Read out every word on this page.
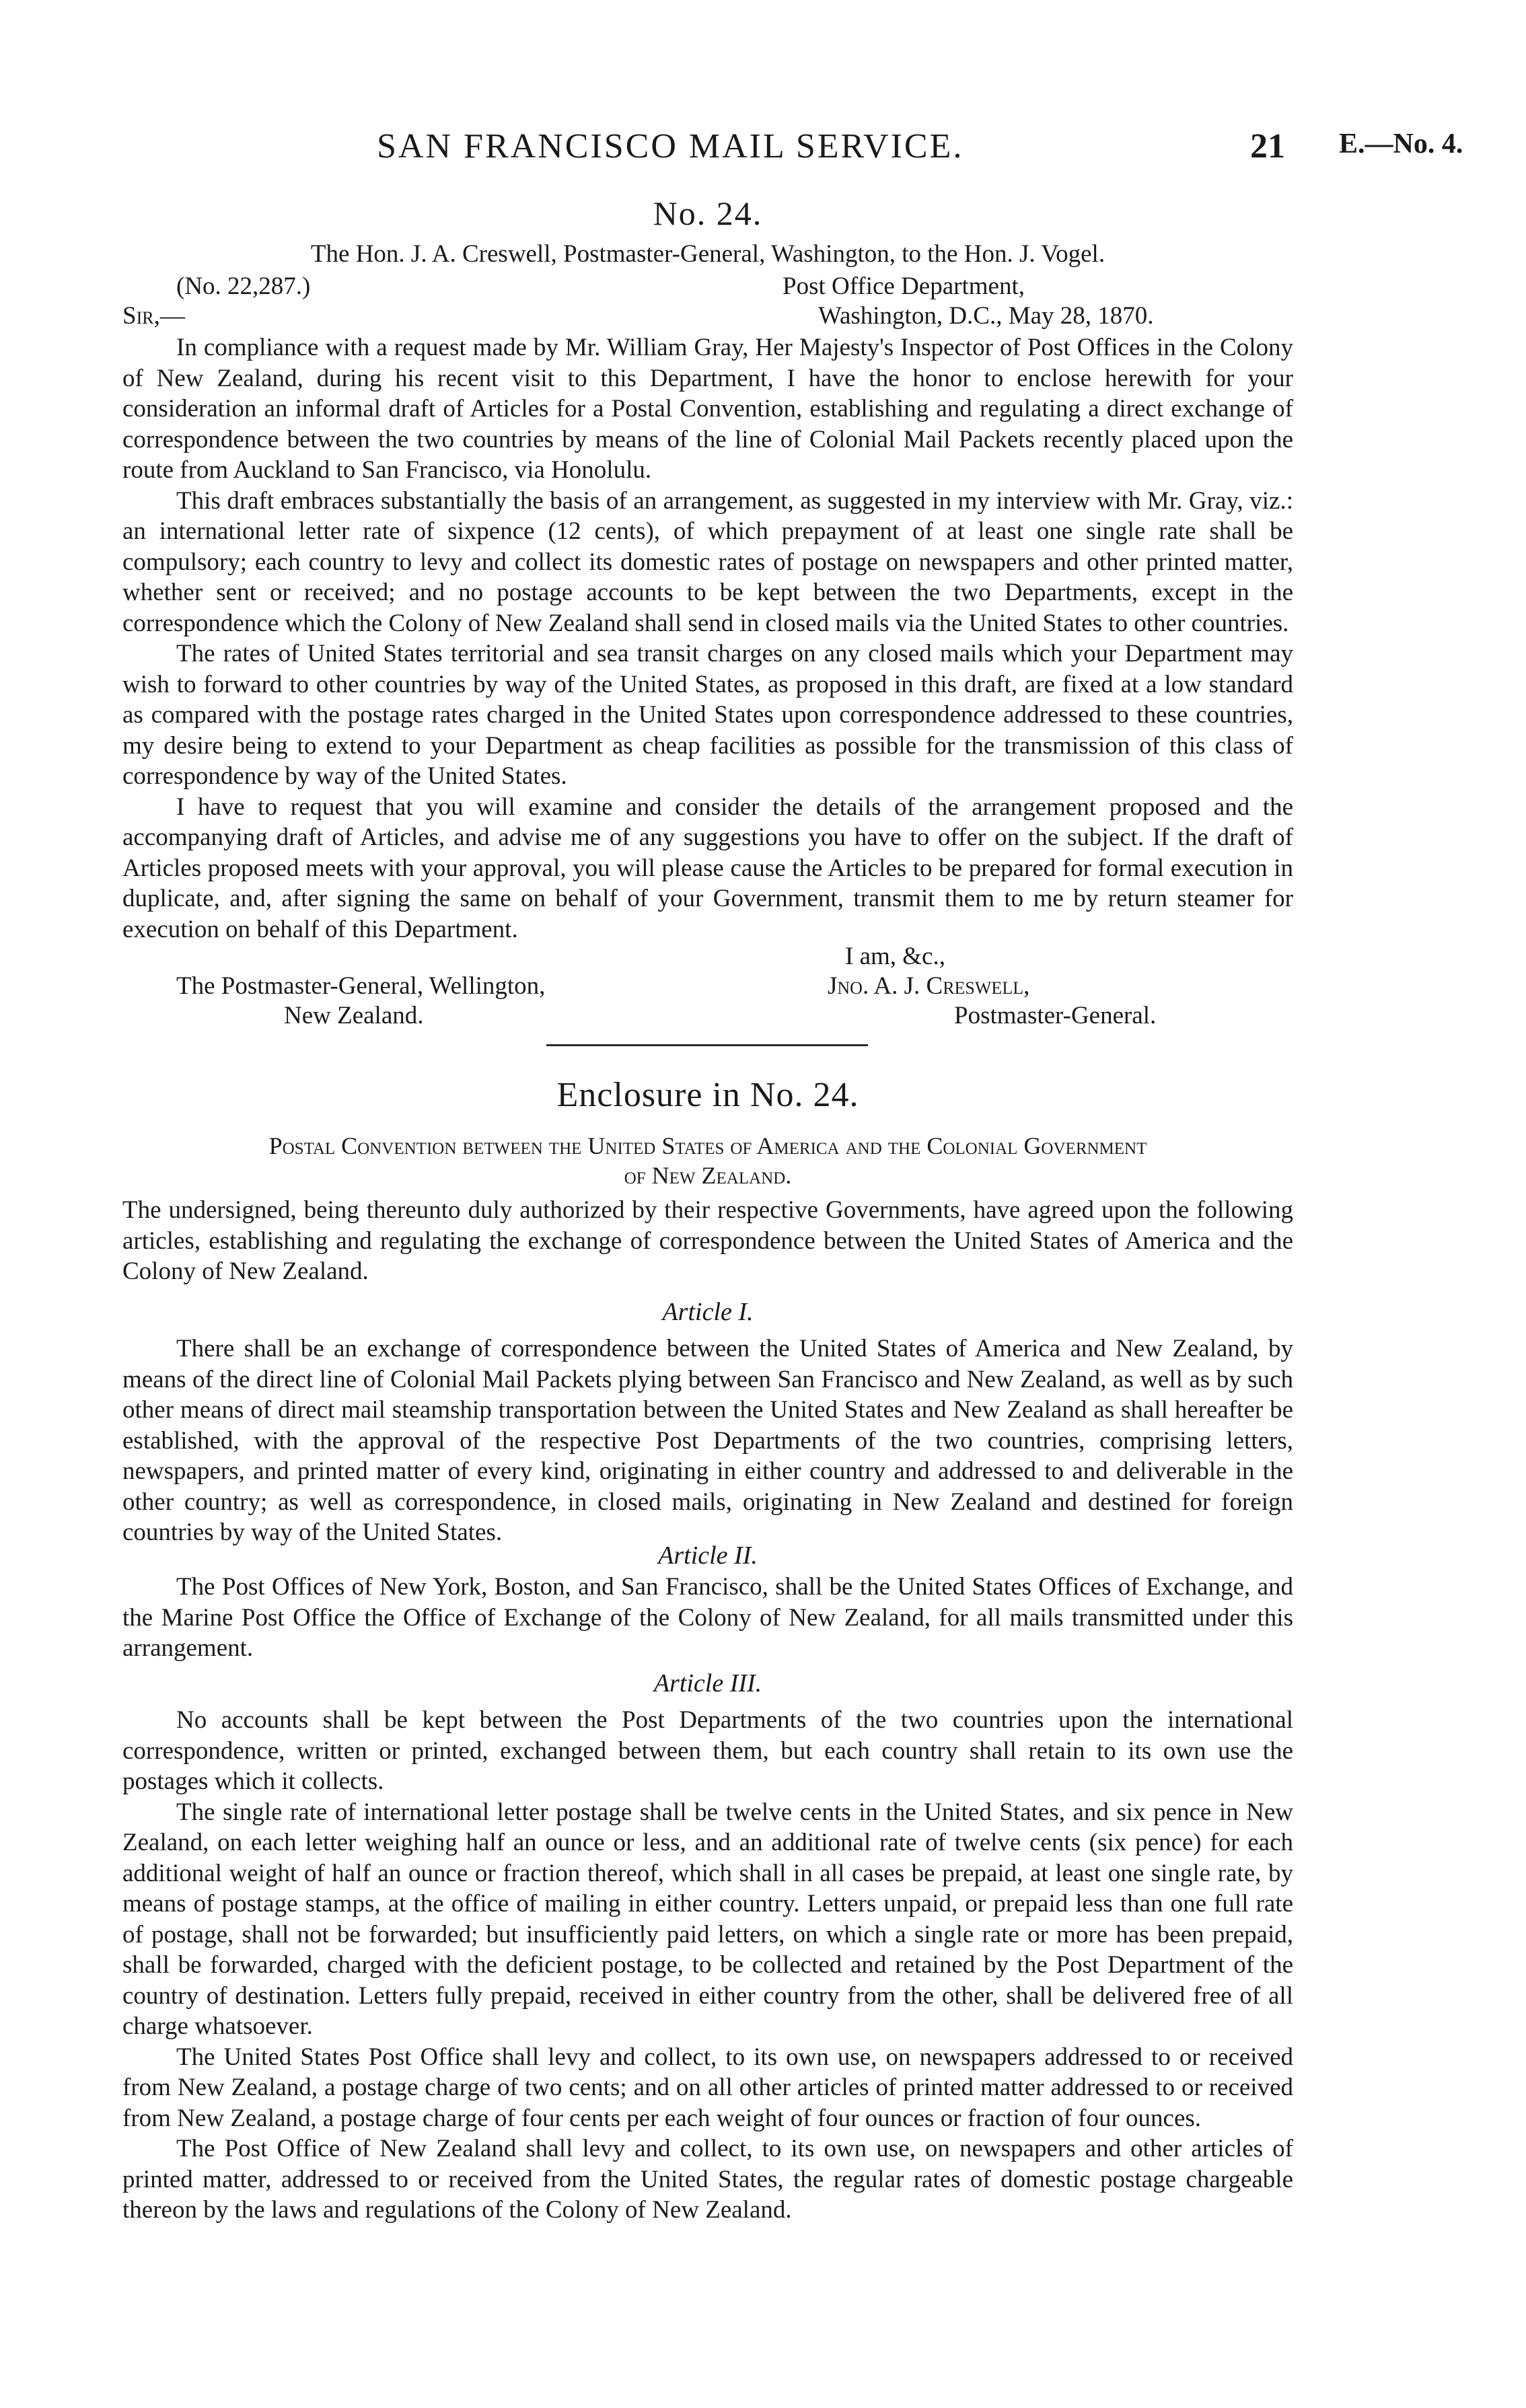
SAN FRANCISCO MAIL SERVICE.	21 E.—No. 4.
No. 24.
The Hon. J. A. Creswell, Postmaster-General, Washington, to the Hon. J. Vogel.
(No. 22,287.)	Post Office Department,
Sir,—	Washington, D.C., May 28, 1870.

In compliance with a request made by Mr. William Gray, Her Majesty's Inspector of Post Offices in the Colony of New Zealand, during his recent visit to this Department, I have the honor to enclose herewith for your consideration an informal draft of Articles for a Postal Convention, establishing and regulating a direct exchange of correspondence between the two countries by means of the line of Colonial Mail Packets recently placed upon the route from Auckland to San Francisco, via Honolulu.

This draft embraces substantially the basis of an arrangement, as suggested in my interview with Mr. Gray, viz.: an international letter rate of sixpence (12 cents), of which prepayment of at least one single rate shall be compulsory; each country to levy and collect its domestic rates of postage on newspapers and other printed matter, whether sent or received; and no postage accounts to be kept between the two Departments, except in the correspondence which the Colony of New Zealand shall send in closed mails via the United States to other countries.

The rates of United States territorial and sea transit charges on any closed mails which your Department may wish to forward to other countries by way of the United States, as proposed in this draft, are fixed at a low standard as compared with the postage rates charged in the United States upon correspondence addressed to these countries, my desire being to extend to your Department as cheap facilities as possible for the transmission of this class of correspondence by way of the United States.

I have to request that you will examine and consider the details of the arrangement proposed and the accompanying draft of Articles, and advise me of any suggestions you have to offer on the subject. If the draft of Articles proposed meets with your approval, you will please cause the Articles to be prepared for formal execution in duplicate, and, after signing the same on behalf of your Government, transmit them to me by return steamer for execution on behalf of this Department.

I am, &c.,
The Postmaster-General, Wellington,
New Zealand.
Jno. A. J. Creswell,
Postmaster-General.
Enclosure in No. 24.
Postal Convention between the United States of America and the Colonial Government
of New Zealand.

The undersigned, being thereunto duly authorized by their respective Governments, have agreed upon the following articles, establishing and regulating the exchange of correspondence between the United States of America and the Colony of New Zealand.

Article I.

There shall be an exchange of correspondence between the United States of America and New Zealand, by means of the direct line of Colonial Mail Packets plying between San Francisco and New Zealand, as well as by such other means of direct mail steamship transportation between the United States and New Zealand as shall hereafter be established, with the approval of the respective Post Departments of the two countries, comprising letters, newspapers, and printed matter of every kind, originating in either country and addressed to and deliverable in the other country; as well as correspondence, in closed mails, originating in New Zealand and destined for foreign countries by way of the United States.

Article II.

The Post Offices of New York, Boston, and San Francisco, shall be the United States Offices of Exchange, and the Marine Post Office the Office of Exchange of the Colony of New Zealand, for all mails transmitted under this arrangement.

Article III.

No accounts shall be kept between the Post Departments of the two countries upon the international correspondence, written or printed, exchanged between them, but each country shall retain to its own use the postages which it collects.

The single rate of international letter postage shall be twelve cents in the United States, and six pence in New Zealand, on each letter weighing half an ounce or less, and an additional rate of twelve cents (six pence) for each additional weight of half an ounce or fraction thereof, which shall in all cases be prepaid, at least one single rate, by means of postage stamps, at the office of mailing in either country. Letters unpaid, or prepaid less than one full rate of postage, shall not be forwarded; but insufficiently paid letters, on which a single rate or more has been prepaid, shall be forwarded, charged with the deficient postage, to be collected and retained by the Post Department of the country of destination. Letters fully prepaid, received in either country from the other, shall be delivered free of all charge whatsoever.

The United States Post Office shall levy and collect, to its own use, on newspapers addressed to or received from New Zealand, a postage charge of two cents; and on all other articles of printed matter addressed to or received from New Zealand, a postage charge of four cents per each weight of four ounces or fraction of four ounces.

The Post Office of New Zealand shall levy and collect, to its own use, on newspapers and other articles of printed matter, addressed to or received from the United States, the regular rates of domestic postage chargeable thereon by the laws and regulations of the Colony of New Zealand.
